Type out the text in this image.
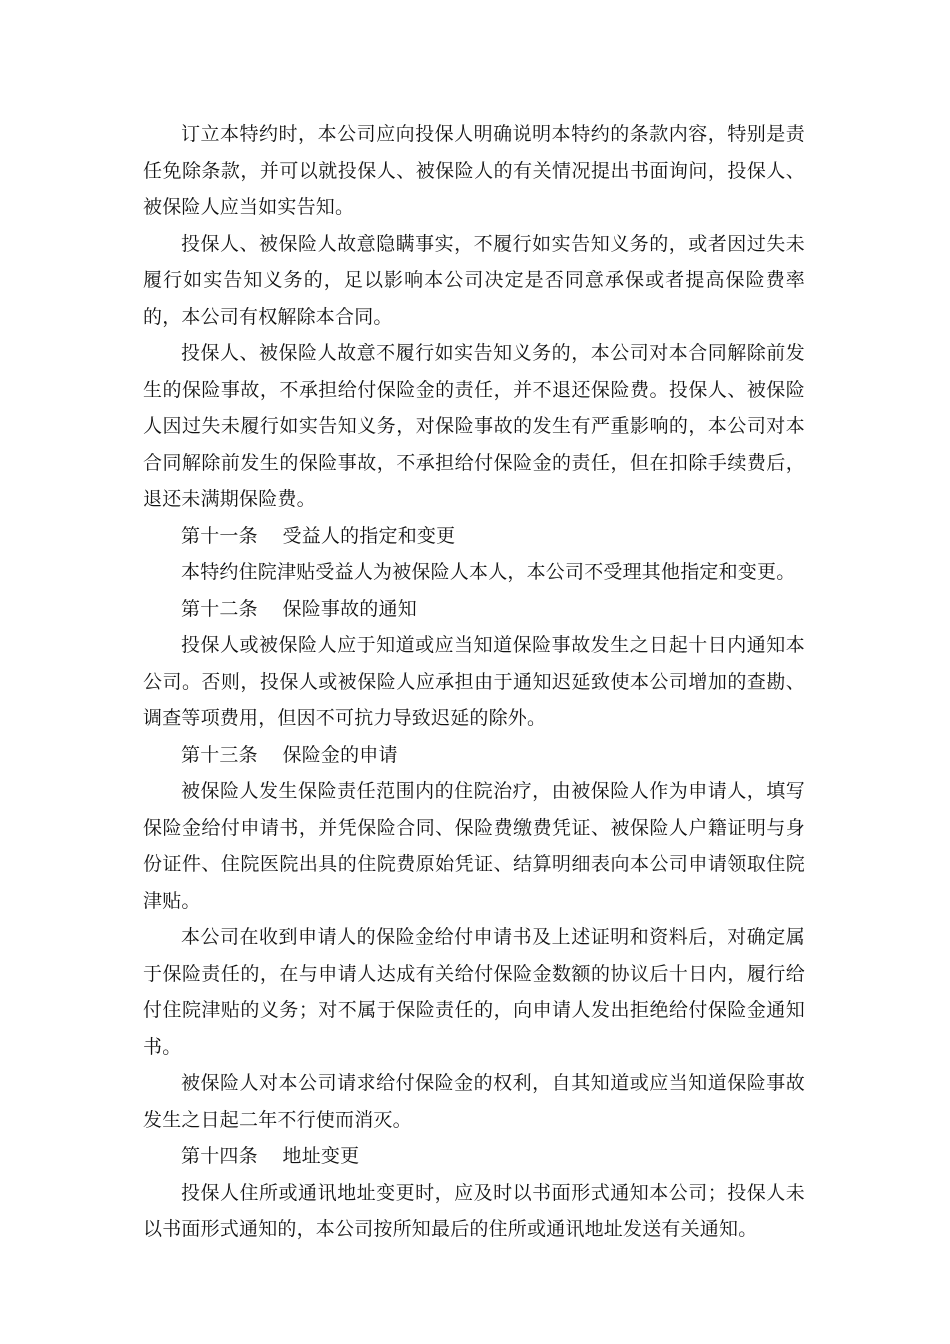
订立本特约时，本公司应向投保人明确说明本特约的条款内容，特别是责任免除条款，并可以就投保人、被保险人的有关情况提出书面询问，投保人、被保险人应当如实告知。

投保人、被保险人故意隐瞒事实，不履行如实告知义务的，或者因过失未履行如实告知义务的，足以影响本公司决定是否同意承保或者提高保险费率的，本公司有权解除本合同。

投保人、被保险人故意不履行如实告知义务的，本公司对本合同解除前发生的保险事故，不承担给付保险金的责任，并不退还保险费。投保人、被保险人因过失未履行如实告知义务，对保险事故的发生有严重影响的，本公司对本合同解除前发生的保险事故，不承担给付保险金的责任，但在扣除手续费后，退还未满期保险费。

第十一条 受益人的指定和变更

本特约住院津贴受益人为被保险人本人，本公司不受理其他指定和变更。

第十二条 保险事故的通知

投保人或被保险人应于知道或应当知道保险事故发生之日起十日内通知本公司。否则，投保人或被保险人应承担由于通知迟延致使本公司增加的查勘、调查等项费用，但因不可抗力导致迟延的除外。

第十三条 保险金的申请

被保险人发生保险责任范围内的住院治疗，由被保险人作为申请人，填写保险金给付申请书，并凭保险合同、保险费缴费凭证、被保险人户籍证明与身份证件、住院医院出具的住院费原始凭证、结算明细表向本公司申请领取住院津贴。

本公司在收到申请人的保险金给付申请书及上述证明和资料后，对确定属于保险责任的，在与申请人达成有关给付保险金数额的协议后十日内，履行给付住院津贴的义务；对不属于保险责任的，向申请人发出拒绝给付保险金通知书。

被保险人对本公司请求给付保险金的权利，自其知道或应当知道保险事故发生之日起二年不行使而消灭。

第十四条 地址变更

投保人住所或通讯地址变更时，应及时以书面形式通知本公司；投保人未以书面形式通知的，本公司按所知最后的住所或通讯地址发送有关通知。
